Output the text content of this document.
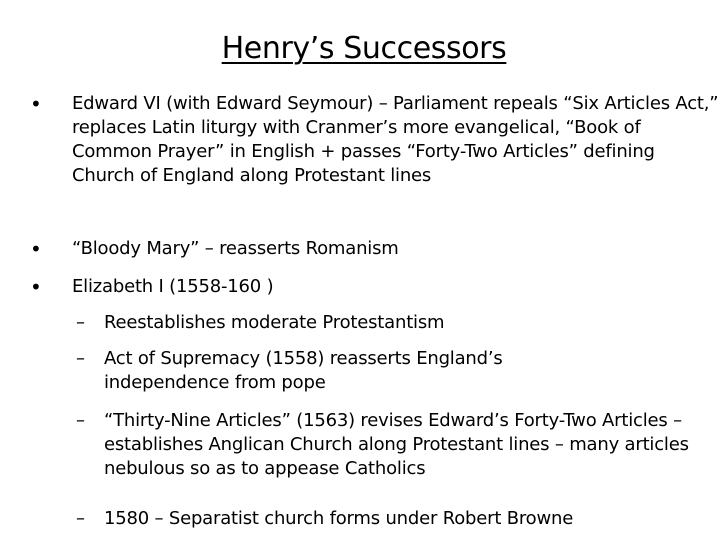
Henry’s Successors
• Edward VI (with Edward Seymour) – Parliament repeals “Six Articles Act,” replaces Latin liturgy with Cranmer’s more evangelical, “Book of Common Prayer” in English + passes “Forty-Two Articles” defining Church of England along Protestant lines
• “Bloody Mary” – reasserts Romanism
• Elizabeth I (1558-160 )
– Reestablishes moderate Protestantism
– Act of Supremacy (1558) reasserts England’s independence from pope
– “Thirty-Nine Articles” (1563) revises Edward’s Forty-Two Articles – establishes Anglican Church along Protestant lines – many articles nebulous so as to appease Catholics
– 1580 – Separatist church forms under Robert Browne
